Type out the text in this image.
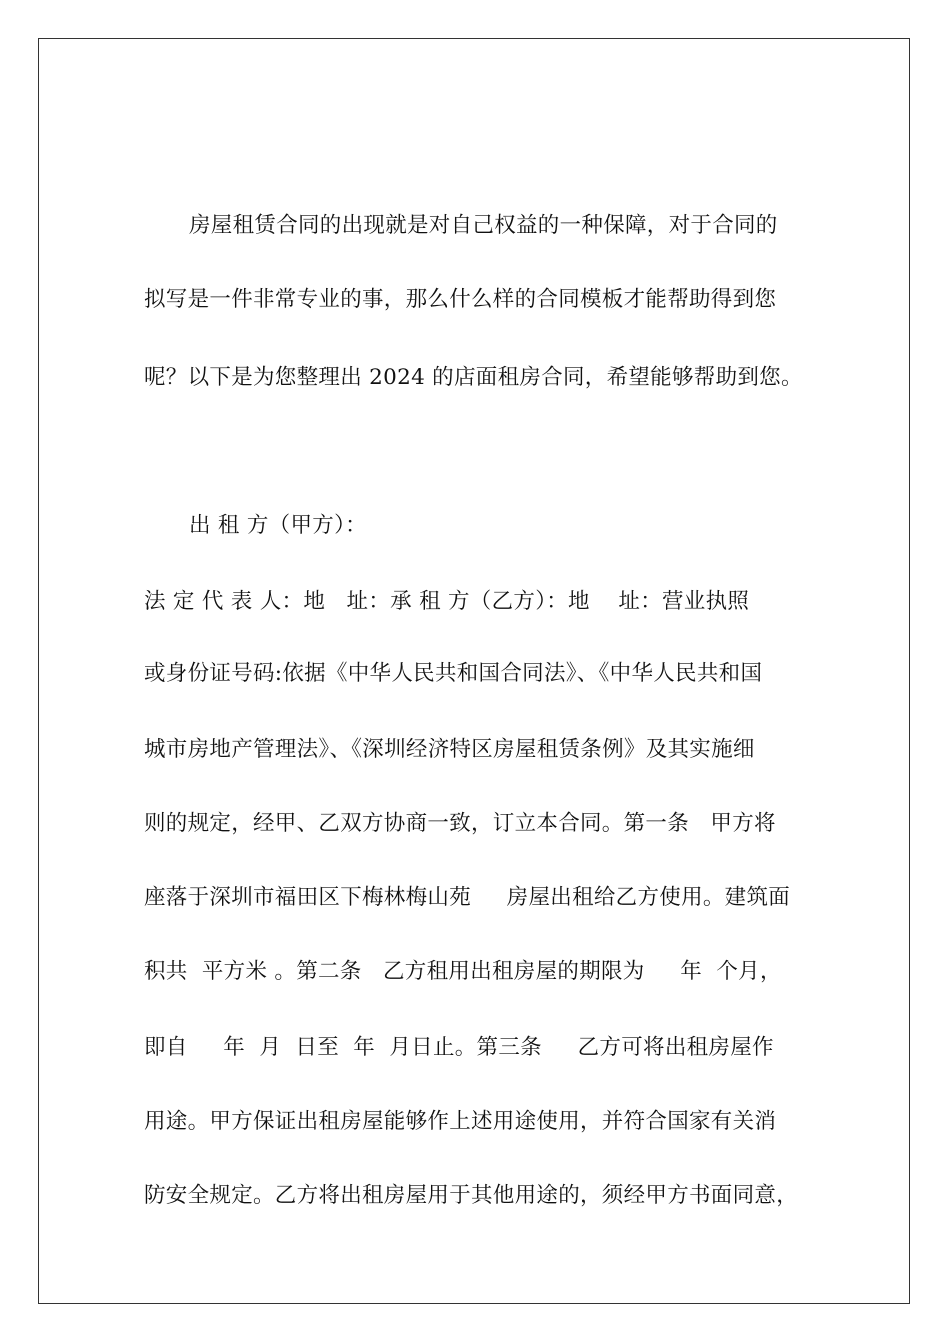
房屋租赁合同的出现就是对自己权益的一种保障，对于合同的
拟写是一件非常专业的事，那么什么样的合同模板才能帮助得到您
呢？以下是为您整理出 2024 的店面租房合同，希望能够帮助到您。
出 租 方（甲方）：
法 定 代 表 人：地   址：承 租 方（乙方）：地    址：营业执照
或身份证号码:依据《中华人民共和国合同法》、《中华人民共和国
城市房地产管理法》、《深圳经济特区房屋租赁条例》及其实施细
则的规定，经甲、乙双方协商一致，订立本合同。第一条   甲方将
座落于深圳市福田区下梅林梅山苑     房屋出租给乙方使用。建筑面
积共  平方米 。第二条   乙方租用出租房屋的期限为     年  个月，
即自     年  月  日至  年  月日止。第三条     乙方可将出租房屋作
用途。甲方保证出租房屋能够作上述用途使用，并符合国家有关消
防安全规定。乙方将出租房屋用于其他用途的，须经甲方书面同意，
